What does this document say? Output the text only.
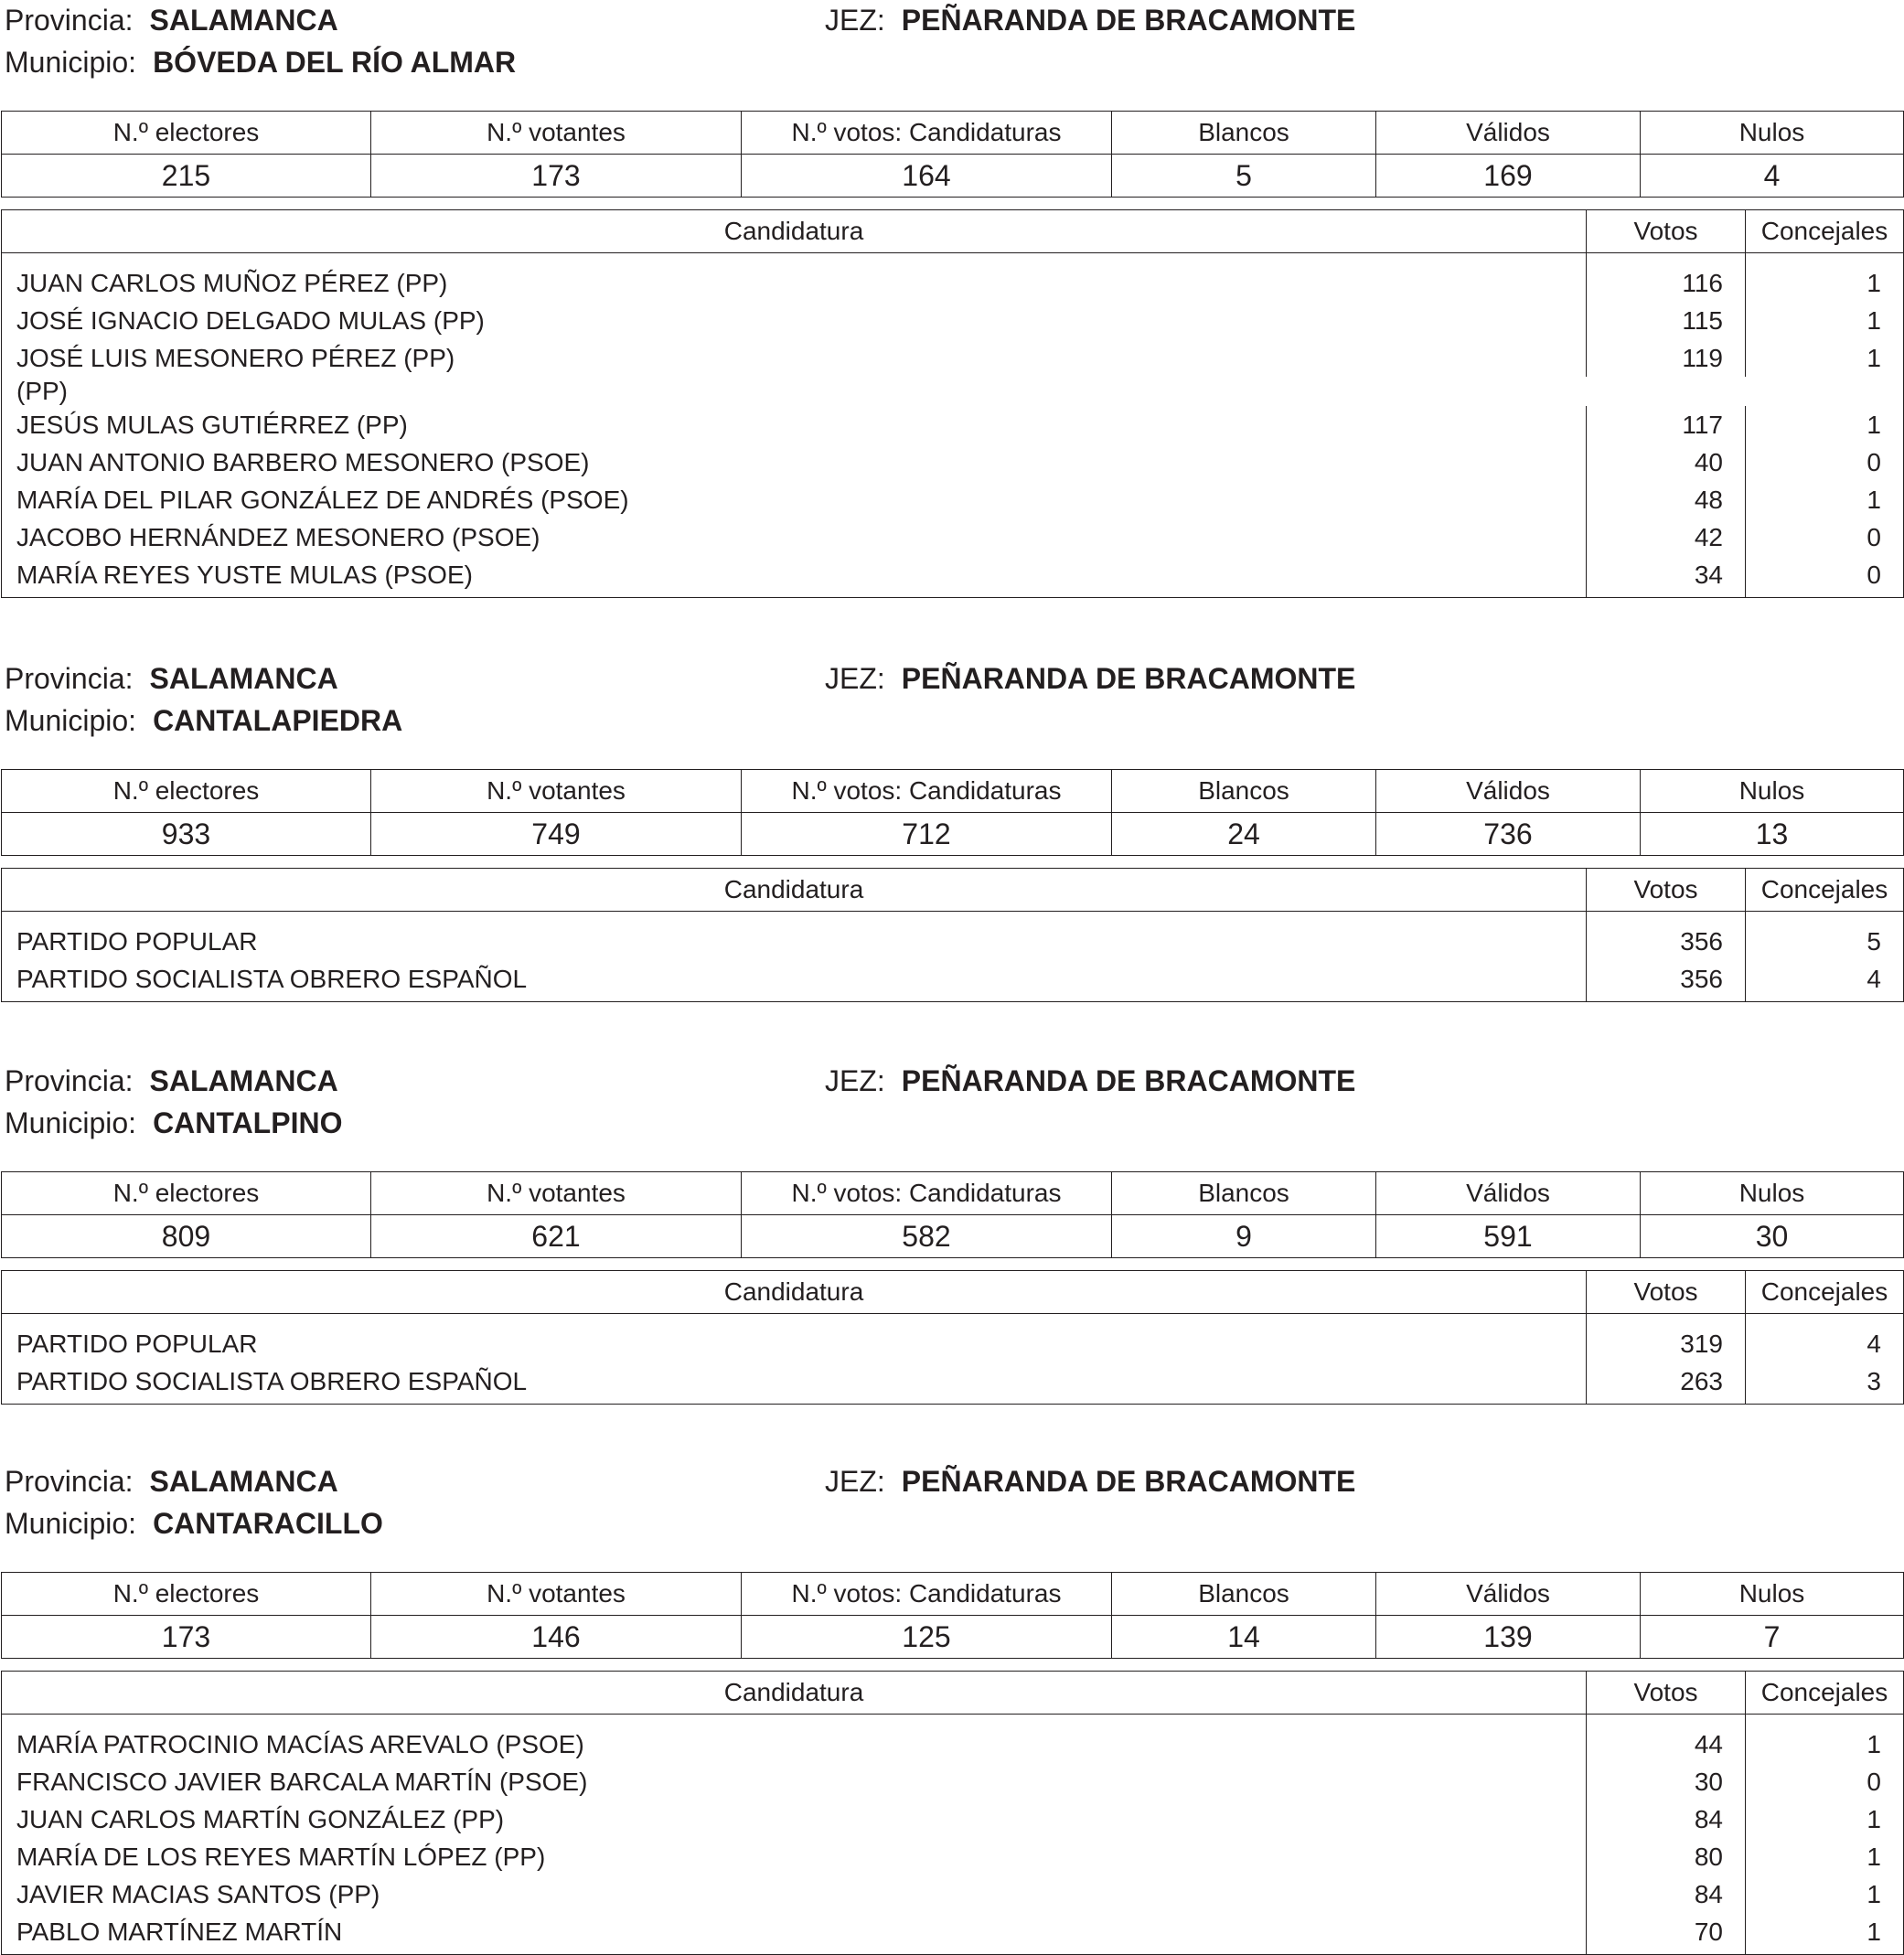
Provincia: SALAMANCA	JEZ: PEÑARANDA DE BRACAMONTE
Municipio: BÓVEDA DEL RÍO ALMAR
N.º electores	N.º votantes	N.º votos: Candidaturas	Blancos	Válidos	Nulos
215	173	164	5	169	4
Candidatura	Votos	Concejales

JUAN CARLOS MUÑOZ PÉREZ (PP)	116	1
JOSÉ IGNACIO DELGADO MULAS (PP)	115	1
JOSÉ LUIS MESONERO PÉREZ (PP)	119	1
(PP)		
JESÚS MULAS GUTIÉRREZ (PP)	117	1
JUAN ANTONIO BARBERO MESONERO (PSOE)	40	0
MARÍA DEL PILAR GONZÁLEZ DE ANDRÉS (PSOE)	48	1
JACOBO HERNÁNDEZ MESONERO (PSOE)	42	0
MARÍA REYES YUSTE MULAS (PSOE)	34	0
Provincia: SALAMANCA	JEZ: PEÑARANDA DE BRACAMONTE
Municipio: CANTALAPIEDRA
N.º electores	N.º votantes	N.º votos: Candidaturas	Blancos	Válidos	Nulos
933	749	712	24	736	13
Candidatura	Votos	Concejales

PARTIDO POPULAR	356	5
PARTIDO SOCIALISTA OBRERO ESPAÑOL	356	4
Provincia: SALAMANCA	JEZ: PEÑARANDA DE BRACAMONTE
Municipio: CANTALPINO
N.º electores	N.º votantes	N.º votos: Candidaturas	Blancos	Válidos	Nulos
809	621	582	9	591	30
Candidatura	Votos	Concejales

PARTIDO POPULAR	319	4
PARTIDO SOCIALISTA OBRERO ESPAÑOL	263	3
Provincia: SALAMANCA	JEZ: PEÑARANDA DE BRACAMONTE
Municipio: CANTARACILLO
N.º electores	N.º votantes	N.º votos: Candidaturas	Blancos	Válidos	Nulos
173	146	125	14	139	7
Candidatura	Votos	Concejales

MARÍA PATROCINIO MACÍAS AREVALO (PSOE)	44	1
FRANCISCO JAVIER BARCALA MARTÍN (PSOE)	30	0
JUAN CARLOS MARTÍN GONZÁLEZ (PP)	84	1
MARÍA DE LOS REYES MARTÍN LÓPEZ (PP)	80	1
JAVIER MACIAS SANTOS (PP)	84	1
PABLO MARTÍNEZ MARTÍN	70	1
